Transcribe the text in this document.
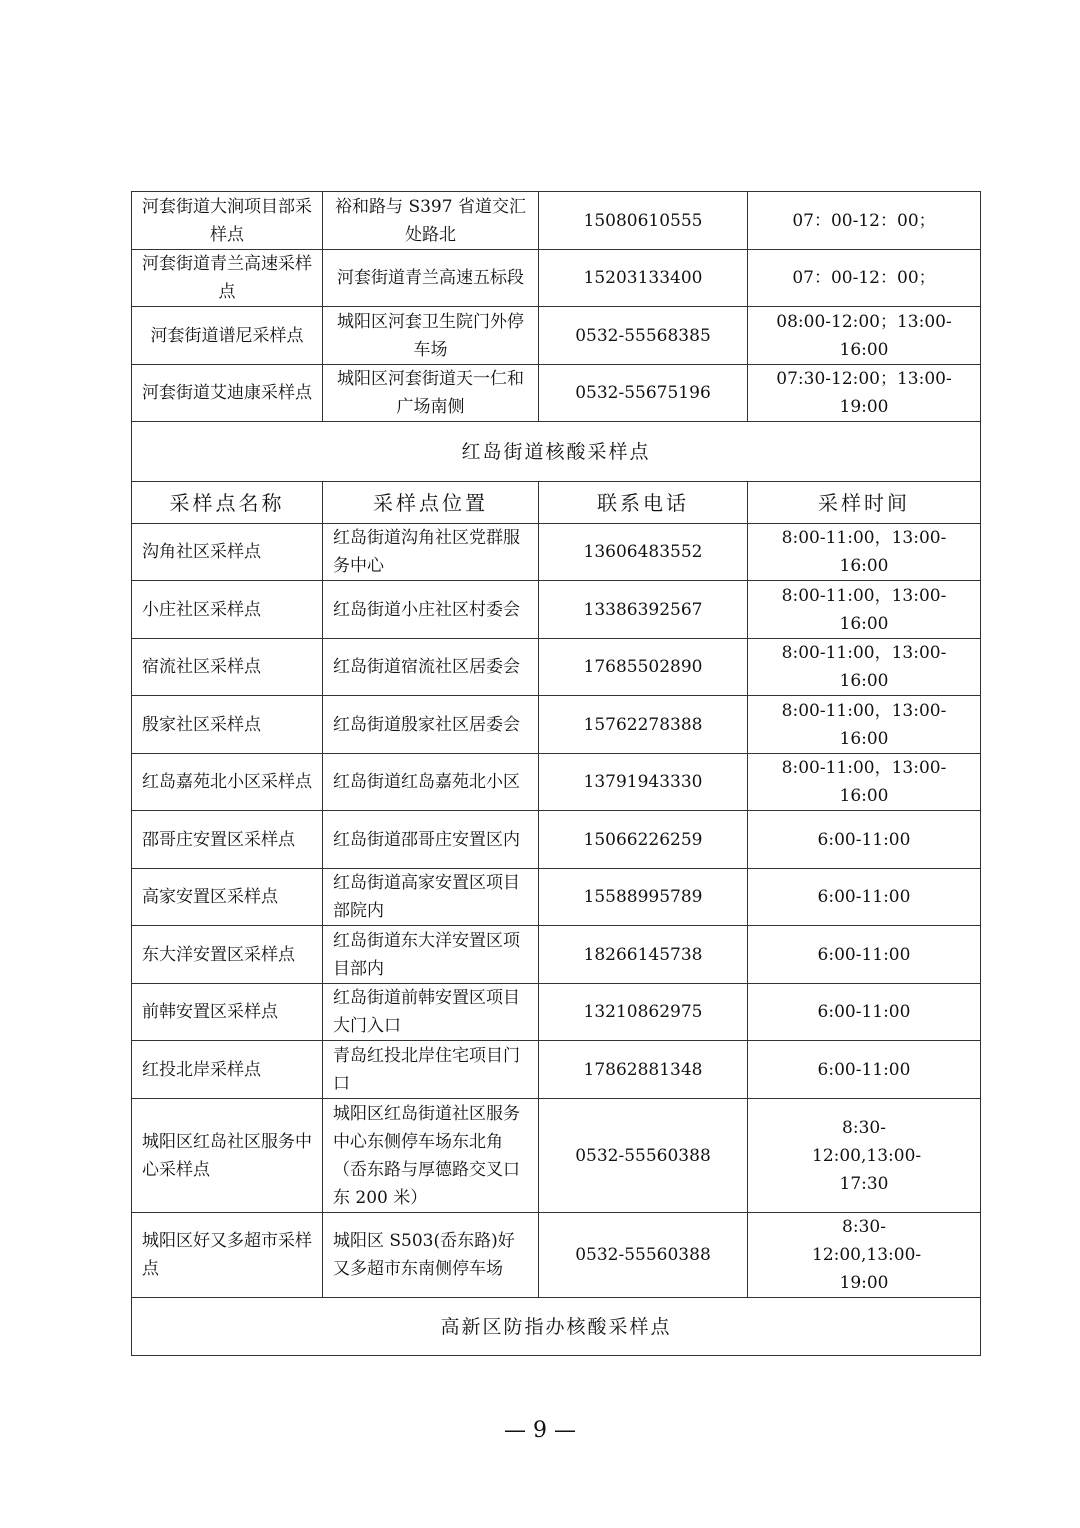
河套街道大涧项目部采样点	裕和路与 S397 省道交汇处路北	15080610555	07：00-12：00；
河套街道青兰高速采样点	河套街道青兰高速五标段	15203133400	07：00-12：00；
河套街道谱尼采样点	城阳区河套卫生院门外停车场	0532-55568385	08:00-12:00；13:00-16:00
河套街道艾迪康采样点	城阳区河套街道天一仁和广场南侧	0532-55675196	07:30-12:00；13:00-19:00
红岛街道核酸采样点			
采样点名称	采样点位置	联系电话	采样时间
沟角社区采样点	红岛街道沟角社区党群服务中心	13606483552	8:00-11:00，13:00-16:00
小庄社区采样点	红岛街道小庄社区村委会	13386392567	8:00-11:00，13:00-16:00
宿流社区采样点	红岛街道宿流社区居委会	17685502890	8:00-11:00，13:00-16:00
殷家社区采样点	红岛街道殷家社区居委会	15762278388	8:00-11:00，13:00-16:00
红岛嘉苑北小区采样点	红岛街道红岛嘉苑北小区	13791943330	8:00-11:00，13:00-16:00
邵哥庄安置区采样点	红岛街道邵哥庄安置区内	15066226259	6:00-11:00
高家安置区采样点	红岛街道高家安置区项目部院内	15588995789	6:00-11:00
东大洋安置区采样点	红岛街道东大洋安置区项目部内	18266145738	6:00-11:00
前韩安置区采样点	红岛街道前韩安置区项目大门入口	13210862975	6:00-11:00
红投北岸采样点	青岛红投北岸住宅项目门口	17862881348	6:00-11:00
城阳区红岛社区服务中心采样点	城阳区红岛街道社区服务中心东侧停车场东北角（岙东路与厚德路交叉口东 200 米）	0532-55560388	8:30-12:00,13:00-17:30
城阳区好又多超市采样点	城阳区 S503(岙东路)好又多超市东南侧停车场	0532-55560388	8:30-12:00,13:00-19:00
高新区防指办核酸采样点			
— 9 —
